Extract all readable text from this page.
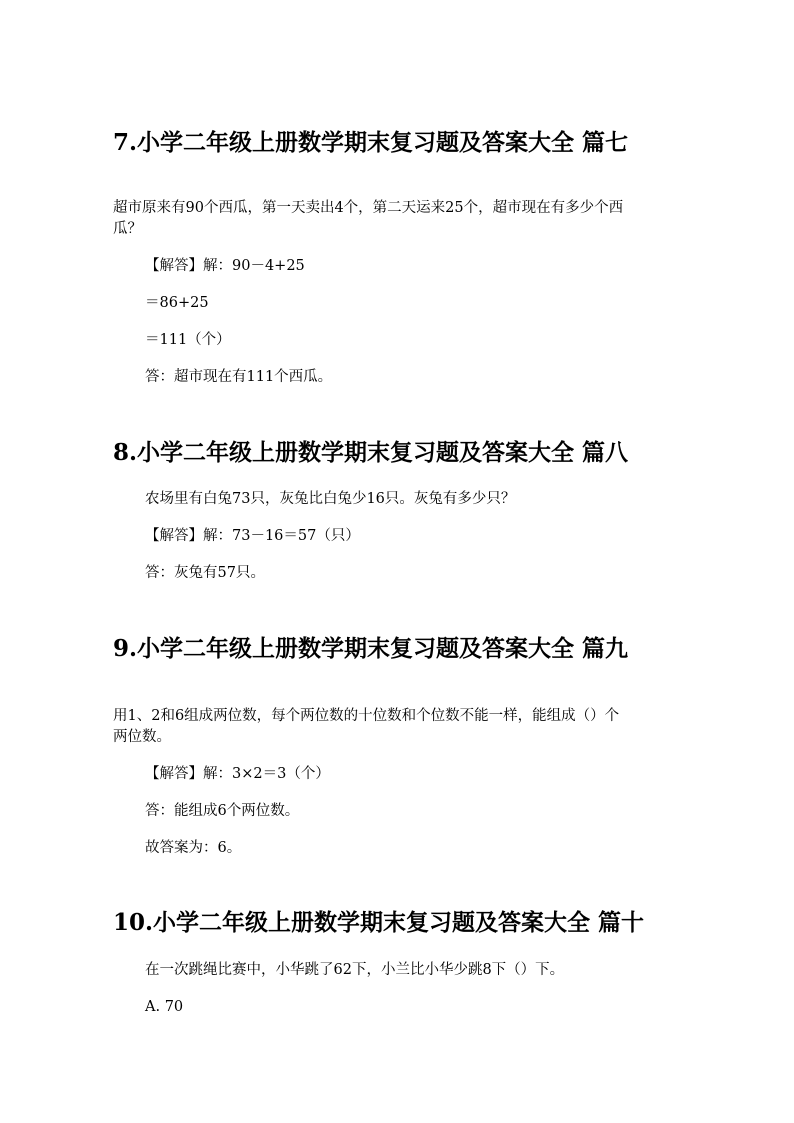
7.小学二年级上册数学期末复习题及答案大全 篇七

超市原来有90个西瓜，第一天卖出4个，第二天运来25个，超市现在有多少个西

瓜？

【解答】解：90－4+25

＝86+25

＝111（个）

答：超市现在有111个西瓜。

8.小学二年级上册数学期末复习题及答案大全 篇八

农场里有白兔73只，灰兔比白兔少16只。灰兔有多少只？

【解答】解：73－16＝57（只）

答：灰兔有57只。

9.小学二年级上册数学期末复习题及答案大全 篇九

用1、2和6组成两位数，每个两位数的十位数和个位数不能一样，能组成（）个

两位数。

【解答】解：3×2＝3（个）

答：能组成6个两位数。

故答案为：6。

10.小学二年级上册数学期末复习题及答案大全 篇十

在一次跳绳比赛中，小华跳了62下，小兰比小华少跳8下（）下。

A. 70
